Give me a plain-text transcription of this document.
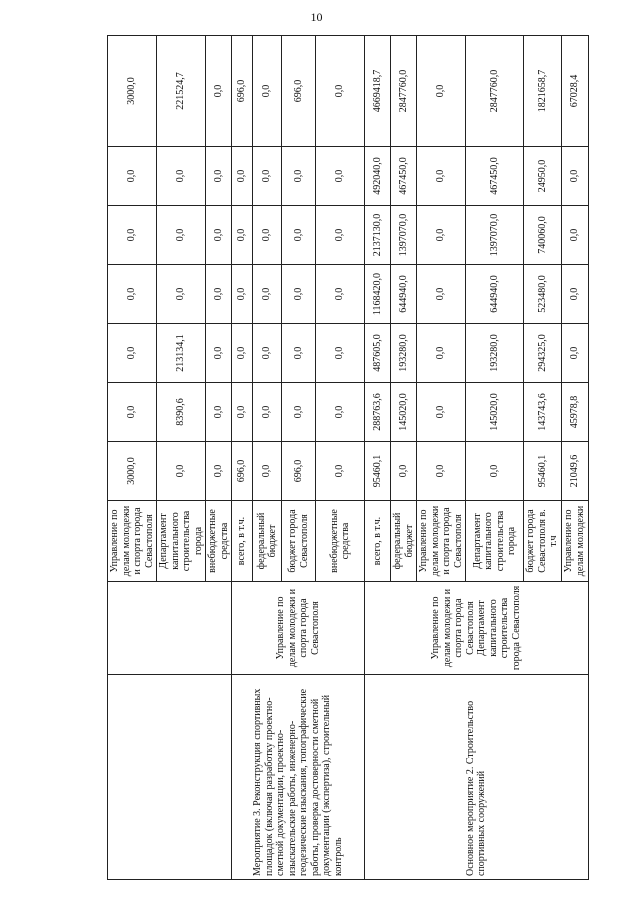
10
		Управление по делам молодежи и спорта города Севастополя	3000,0	0,0	0,0	0,0	0,0	0,0	3000,0
		Департамент капитального строительства города	0,0	8390,6	213134,1	0,0	0,0	0,0	221524,7
		внебюджетные средства	0,0	0,0	0,0	0,0	0,0	0,0	0,0
Мероприятие 3. Реконструкция спортивных площадок (включая разработку проектно-сметной документации, проектно-изыскательские работы, инженерно-геодезические изыскания, топографические работы, проверка достоверности сметной документации (экспертиза), строительный контроль	Управление по делам молодежи и спорта города Севастополя	всего, в т.ч.	696,0	0,0	0,0	0,0	0,0	0,0	696,0
		федеральный бюджет	0,0	0,0	0,0	0,0	0,0	0,0	0,0
		бюджет города Севастополя	696,0	0,0	0,0	0,0	0,0	0,0	696,0
		внебюджетные средства	0,0	0,0	0,0	0,0	0,0	0,0	0,0
Основное мероприятие 2. Строительство спортивных сооружений	Управление по делам молодежи и спорта города Севастополя Департамент капитального строительства города Севастополя	всего, в т.ч.	95460,1	288763,6	487605,0	1168420,0	2137130,0	492040,0	4669418,7
		федеральный бюджет	0,0	145020,0	193280,0	644940,0	1397070,0	467450,0	2847760,0
		Управление по делам молодежи и спорта города Севастополя	0,0	0,0	0,0	0,0	0,0	0,0	0,0
		Департамент капитального строительства города	0,0	145020,0	193280,0	644940,0	1397070,0	467450,0	2847760,0
		бюджет города Севастополя в. т.ч	95460,1	143743,6	294325,0	523480,0	740060,0	24950,0	1821658,7
		Управление по делам молодежи	21049,6	45978,8	0,0	0,0	0,0	0,0	67028,4
